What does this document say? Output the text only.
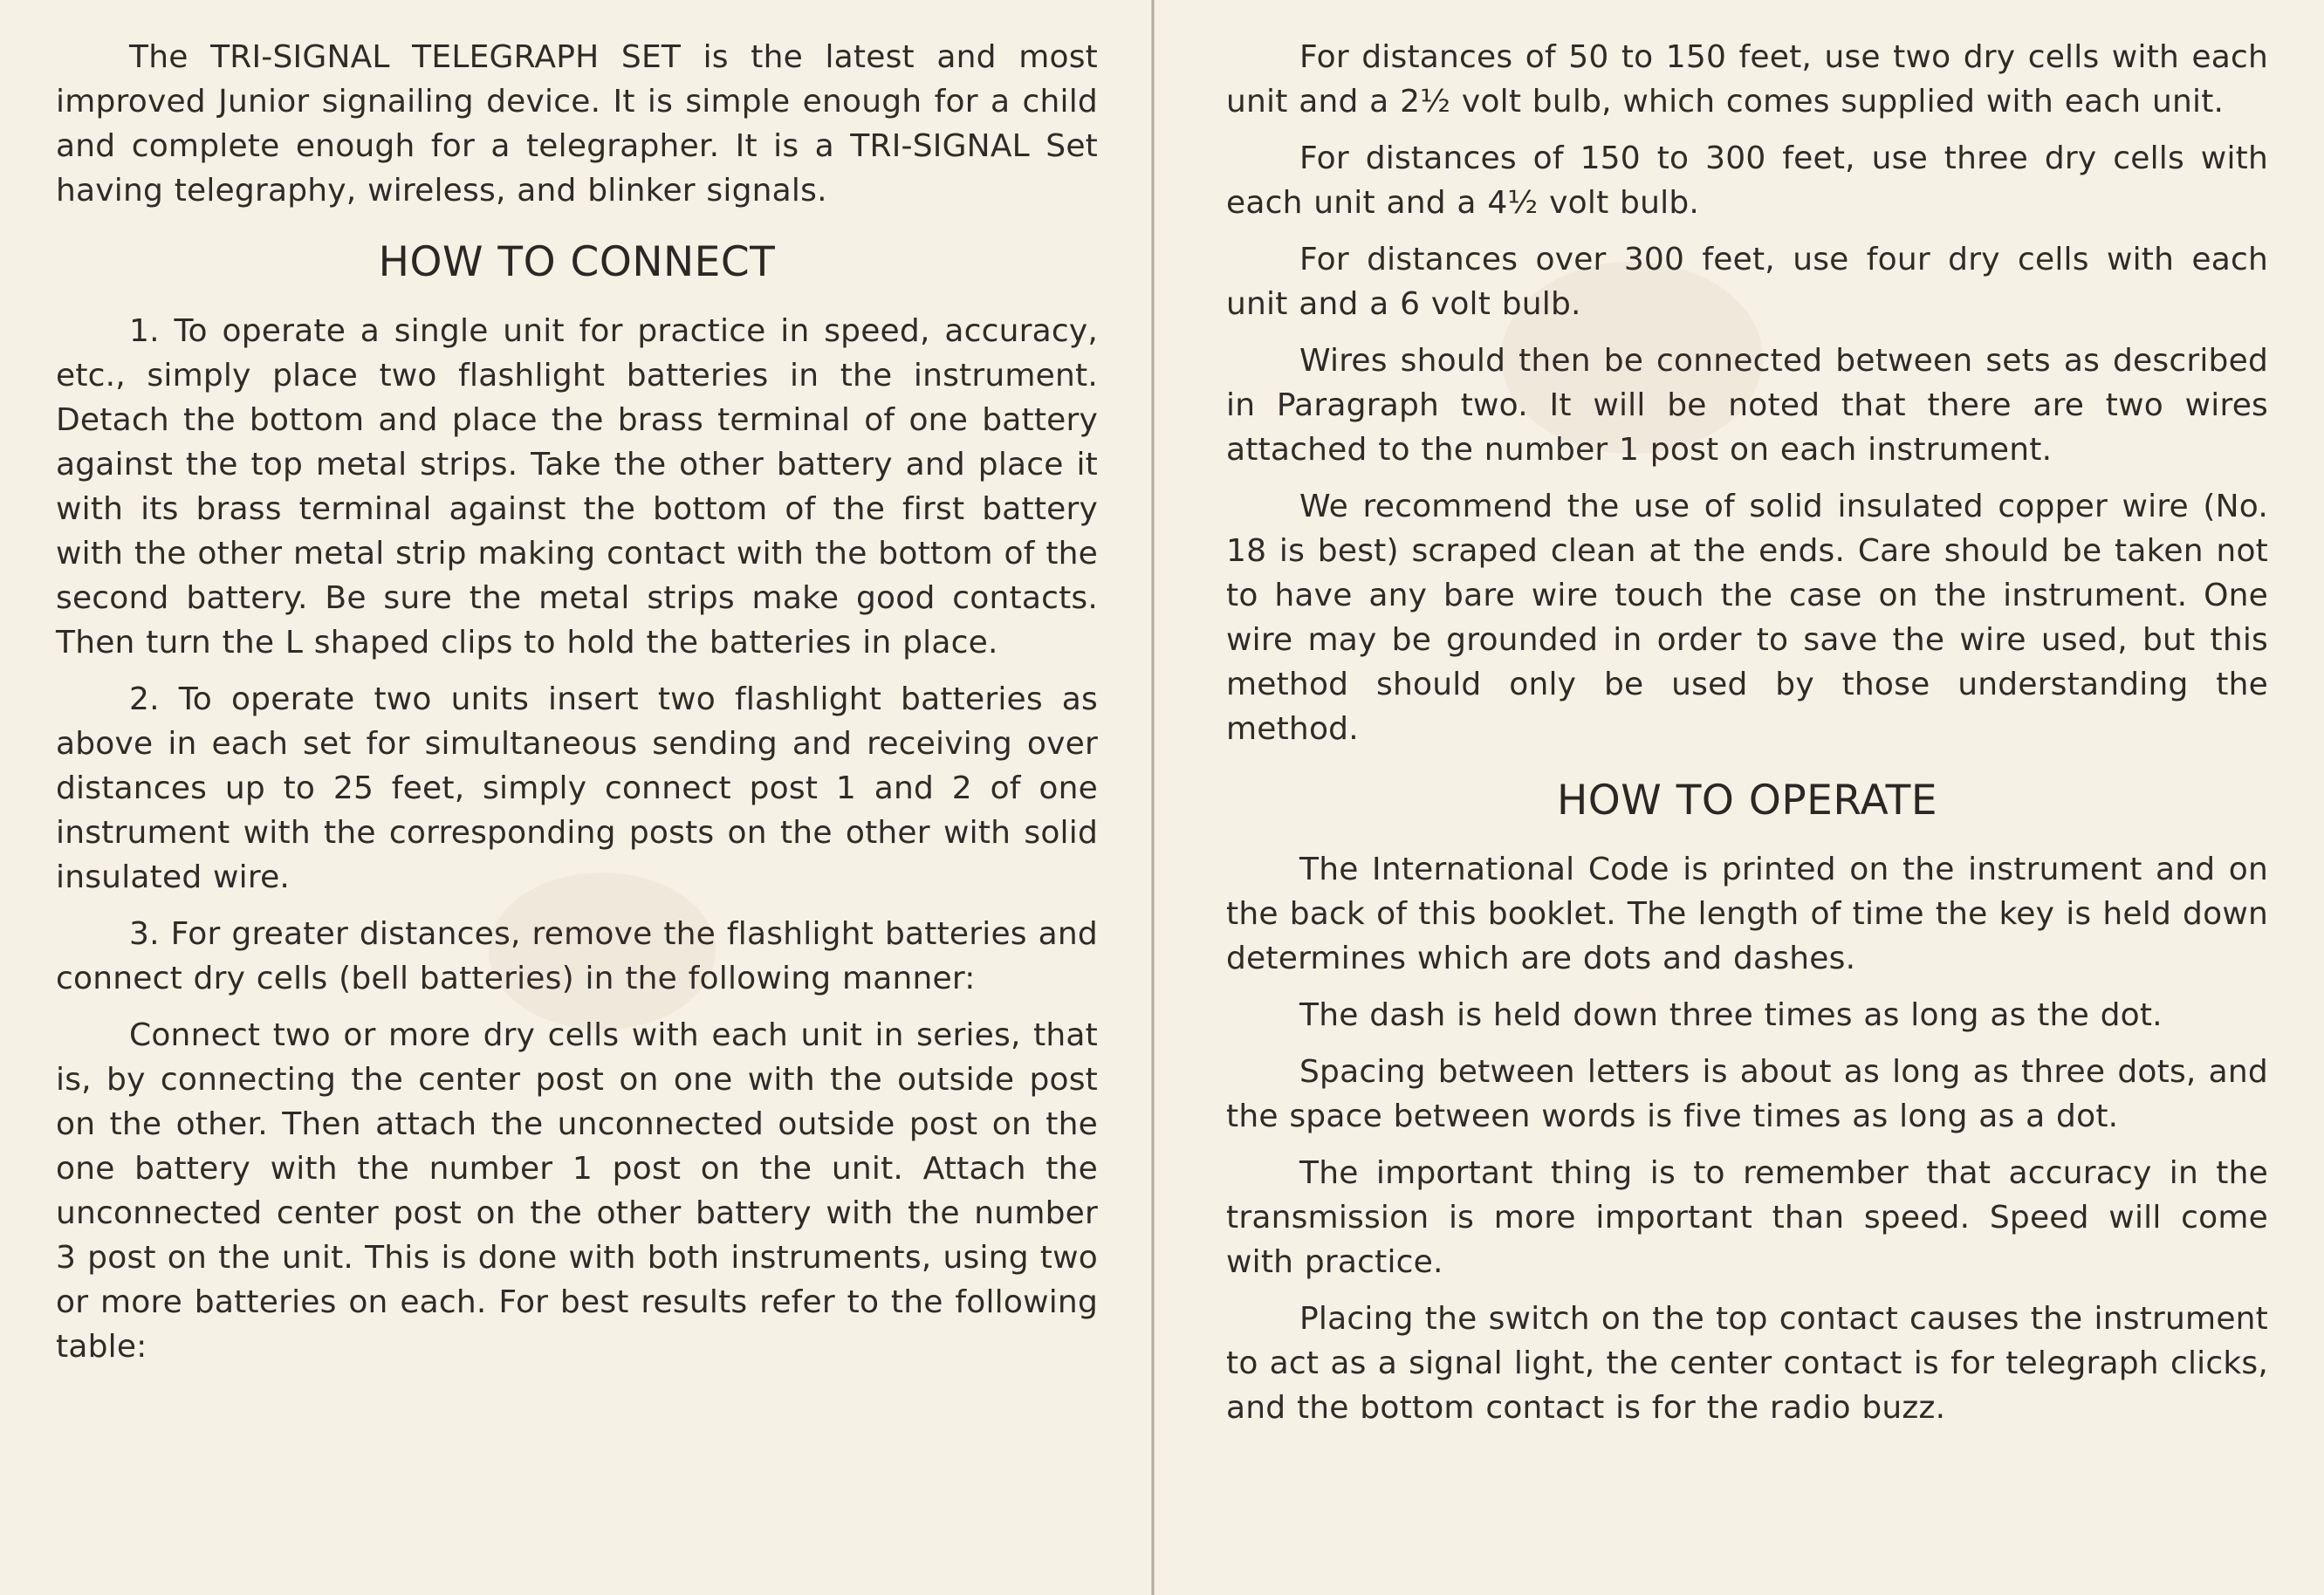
The TRI-SIGNAL TELEGRAPH SET is the latest and most improved Junior signailing device. It is simple enough for a child and complete enough for a telegrapher. It is a TRI-SIGNAL Set having telegraphy, wireless, and blinker signals.

HOW TO CONNECT

1. To operate a single unit for practice in speed, accuracy, etc., simply place two flashlight batteries in the instrument. Detach the bottom and place the brass terminal of one battery against the top metal strips. Take the other battery and place it with its brass terminal against the bottom of the first battery with the other metal strip making contact with the bottom of the second battery. Be sure the metal strips make good contacts. Then turn the L shaped clips to hold the batteries in place.

2. To operate two units insert two flashlight batteries as above in each set for simultaneous sending and receiving over distances up to 25 feet, simply connect post 1 and 2 of one instrument with the corresponding posts on the other with solid insulated wire.

3. For greater distances, remove the flashlight batteries and connect dry cells (bell batteries) in the following manner:

Connect two or more dry cells with each unit in series, that is, by connecting the center post on one with the outside post on the other. Then attach the unconnected outside post on the one battery with the number 1 post on the unit. Attach the unconnected center post on the other battery with the number 3 post on the unit. This is done with both instruments, using two or more batteries on each. For best results refer to the following table:

For distances of 50 to 150 feet, use two dry cells with each unit and a 2½ volt bulb, which comes supplied with each unit.

For distances of 150 to 300 feet, use three dry cells with each unit and a 4½ volt bulb.

For distances over 300 feet, use four dry cells with each unit and a 6 volt bulb.

Wires should then be connected between sets as described in Paragraph two. It will be noted that there are two wires attached to the number 1 post on each instrument.

We recommend the use of solid insulated copper wire (No. 18 is best) scraped clean at the ends. Care should be taken not to have any bare wire touch the case on the instrument. One wire may be grounded in order to save the wire used, but this method should only be used by those understanding the method.

HOW TO OPERATE

The International Code is printed on the instrument and on the back of this booklet. The length of time the key is held down determines which are dots and dashes.

The dash is held down three times as long as the dot.

Spacing between letters is about as long as three dots, and the space between words is five times as long as a dot.

The important thing is to remember that accuracy in the transmission is more important than speed. Speed will come with practice.

Placing the switch on the top contact causes the instrument to act as a signal light, the center contact is for telegraph clicks, and the bottom contact is for the radio buzz.
